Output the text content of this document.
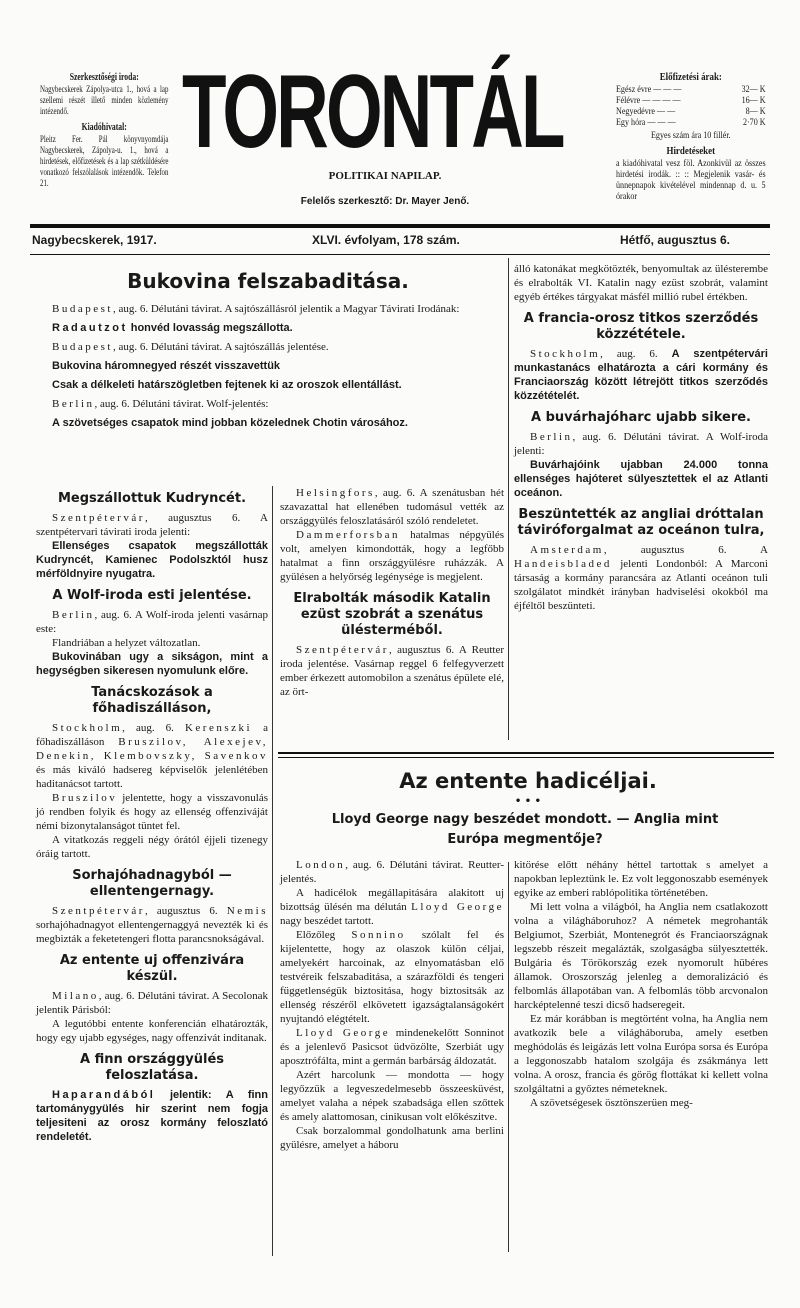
Szerkesztőségi iroda:

Nagybecskerek Zápolya-utca 1., hová a lap szellemi részét illető minden közlemény intézendő.

Kiadóhivatal:

Pleitz Fer. Pál könyvnyomdája Nagybecskerek, Zápolya-u. 1., hová a hirdetések, előfizetések és a lap szétküldésére vonatkozó felszólalások intézendők. Telefon 21.

TORONTÁL
POLITIKAI NAPILAP.
Felelős szerkesztő: Dr. Mayer Jenő.
Előfizetési árak:
Egész évre — — —	32— K
Félévre — — — —	16— K
Negyedévre — —	8— K
Egy hóra — — —	2·70 K

Egyes szám ára 10 fillér.

Hirdetéseket

a kiadóhivatal vesz föl. Azonkivül az összes hirdetési irodák. :: :: Megjelenik vasár- és ünnepnapok kivételével mindennap d. u. 5 órakor

Nagybecskerek, 1917.	XLVI. évfolyam, 178 szám.	Hétfő, augusztus 6.
Bukovina felszabaditása.

Budapest, aug. 6. Délutáni távirat. A sajtószállásról jelentik a Magyar Távirati Irodának:

Radautzot honvéd lovasság megszállotta.

Budapest, aug. 6. Délutáni távirat. A sajtószállás jelentése.

Bukovina háromnegyed részét visszavettük

Csak a délkeleti határszögletben fejtenek ki az oroszok ellentállást.

Berlin, aug. 6. Délutáni távirat. Wolf-jelentés:

A szövetséges csapatok mind jobban közelednek Chotin városához.

Megszállottuk Kudryncét.

Szentpétervár, augusztus 6. A szentpétervari távirati iroda jelenti:

Ellenséges csapatok megszállották Kudryncét, Kamienec Podolszktól husz mérföldnyire nyugatra.

A Wolf-iroda esti jelentése.

Berlin, aug. 6. A Wolf-iroda jelenti vasárnap este:

Flandriában a helyzet változatlan.

Bukovinában ugy a sikságon, mint a hegységben sikeresen nyomulunk előre.

Tanácskozások a főhadiszálláson,

Stockholm, aug. 6. Kerenszki a főhadiszálláson Bruszilov, Alexejev, Denekin, Klembovszky, Savenkov és más kiváló hadsereg képviselők jelenlétében haditanácsot tartott.

Bruszilov jelentette, hogy a visszavonulás jó rendben folyik és hogy az ellenség offenziváját némi bizonytalanságot tüntet fel.

A vitatkozás reggeli négy órától éjjeli tizenegy óráig tartott.

Sorhajóhadnagyból — ellentengernagy.

Szentpétervár, augusztus 6. Nemis sorhajóhadnagyot ellentengernaggyá nevezték ki és megbizták a feketetengeri flotta parancsnokságával.

Az entente uj offenzivára készül.

Milano, aug. 6. Délutáni távirat. A Secolonak jelentik Párisból:

A legutóbbi entente konferencián elhatározták, hogy egy ujabb egységes, nagy offenzivát inditanak.

A finn országgyülés feloszlatása.

Haparandából jelentik: A finn tartománygyülés hir szerint nem fogja teljesiteni az orosz kormány feloszlató rendeletét.

Helsingfors, aug. 6. A szenátusban hét szavazattal hat ellenében tudomásul vették az országgyülés feloszlatásáról szóló rendeletet.

Dammerforsban hatalmas népgyülés volt, amelyen kimondották, hogy a legfőbb hatalmat a finn országgyülésre ruházzák. A gyülésen a helyőrség legénysége is megjelent.

Elrabolták második Katalin ezüst szobrát a szenátus ülésterméből.

Szentpétervár, augusztus 6. A Reutter iroda jelentése. Vasárnap reggel 6 felfegyverzett ember érkezett automobilon a szenátus épülete elé, az ört-

álló katonákat megkötözték, benyomultak az ülésterembe és elrabolták VI. Katalin nagy ezüst szobrát, valamint egyéb értékes tárgyakat másfél millió rubel értékben.

A francia-orosz titkos szerződés közzététele.

Stockholm, aug. 6. A szentpétervári munkastanács elhatározta a cári kormány és Franciaország között létrejött titkos szerződés közzétételét.

A buvárhajóharc ujabb sikere.

Berlin, aug. 6. Délutáni távirat. A Wolf-iroda jelenti:

Buvárhajóink ujabban 24.000 tonna ellenséges hajóteret sülyesztettek el az Atlanti oceánon.

Beszüntették az angliai dróttalan táviróforgalmat az oceánon tulra,

Amsterdam, augusztus 6. A Handeisbladed jelenti Londonból: A Marconi társaság a kormány parancsára az Atlanti oceánon tuli szolgálatot mindkét irányban hadviselési okokból ma éjféltől beszünteti.

Az entente hadicéljai.
• • •
Lloyd George nagy beszédet mondott. — Anglia mint Európa megmentője?

London, aug. 6. Délutáni távirat. Reutter-jelentés.

A hadicélok megállapitására alakitott uj bizottság ülésén ma délután Lloyd George nagy beszédet tartott.

Előzőleg Sonnino szólalt fel és kijelentette, hogy az olaszok külön céljai, amelyekért harcoinak, az elnyomatásban elő testvéreik felszabaditása, a szárazföldi és tengeri függetlenségük biztositása, hogy biztositsák az ellenség részéről elkövetett igazságtalanságokért nyujtandó elégtételt.

Lloyd George mindenekelőtt Sonninot és a jelenlevő Pasicsot üdvözölte, Szerbiát ugy aposztrófálta, mint a germán barbárság áldozatát.

Azért harcolunk — mondotta — hogy legyőzzük a legveszedelmesebb összeesküvést, amelyet valaha a népek szabadsága ellen szőttek és amely alattomosan, cinikusan volt előkészitve.

Csak borzalommal gondolhatunk ama berlini gyülésre, amelyet a háboru

kitörése előtt néhány héttel tartottak s amelyet a napokban lepleztünk le. Ez volt leggonoszabb események egyike az emberi rablópolitika történetében.

Mi lett volna a világból, ha Anglia nem csatlakozott volna a világháboruhoz? A németek megrohanták Belgiumot, Szerbiát, Montenegrót és Franciaországnak legszebb részeit megalázták, szolgaságba sülyesztették. Bulgária és Törökország ezek nyomorult hübéres államok. Oroszország jelenleg a demoralizáció és felbomlás állapotában van. A felbomlás több arcvonalon harcképtelenné teszi dicső hadseregeit.

Ez már korábban is megtörtént volna, ha Anglia nem avatkozik bele a világháboruba, amely esetben meghódolás és leigázás lett volna Európa sorsa és Európa a leggonoszabb hatalom szolgája és zsákmánya lett volna. A orosz, francia és görög flottákat ki kellett volna szolgáltatni a győztes németeknek.

A szövetségesek ösztönszerüen meg-
